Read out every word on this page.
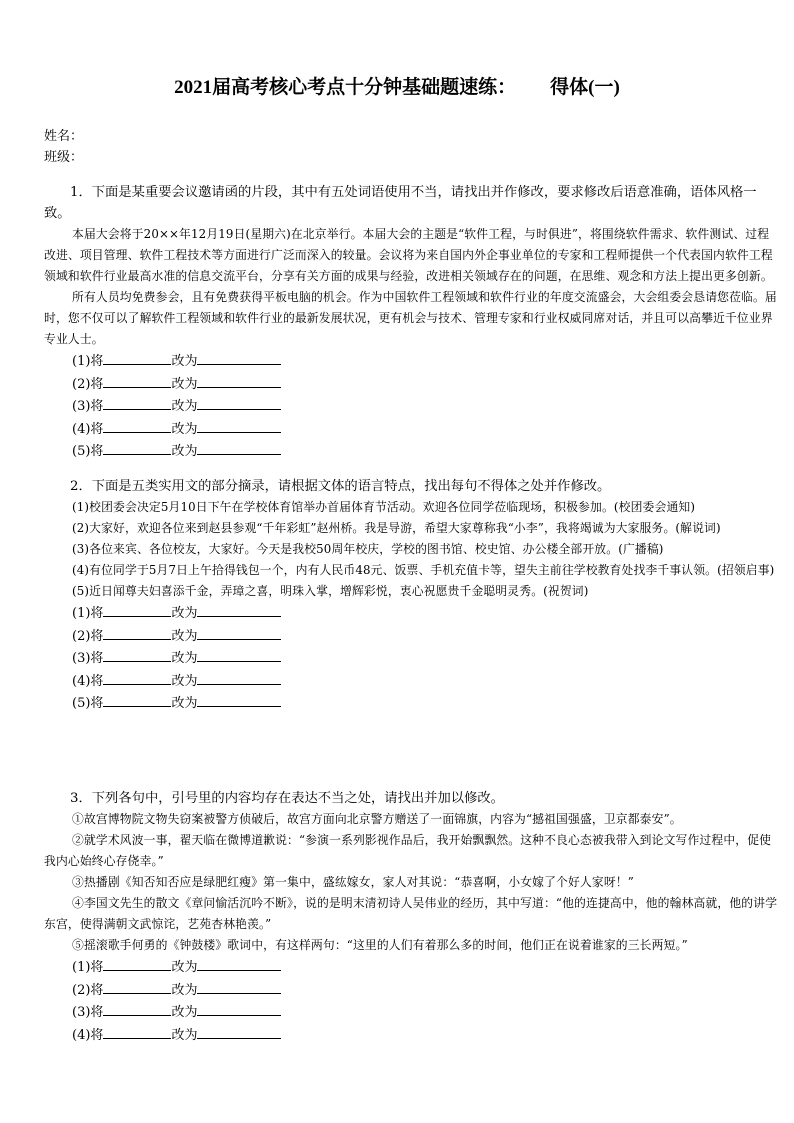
2021届高考核心考点十分钟基础题速练： 得体(一)
姓名：
班级：

1．下面是某重要会议邀请函的片段，其中有五处词语使用不当，请找出并作修改，要求修改后语意准确，语体风格一致。

本届大会将于20××年12月19日(星期六)在北京举行。本届大会的主题是“软件工程，与时俱进”，将围绕软件需求、软件测试、过程改进、项目管理、软件工程技术等方面进行广泛而深入的较量。会议将为来自国内外企事业单位的专家和工程师提供一个代表国内软件工程领域和软件行业最高水准的信息交流平台，分享有关方面的成果与经验，改进相关领域存在的问题，在思维、观念和方法上提出更多创新。

所有人员均免费参会，且有免费获得平板电脑的机会。作为中国软件工程领域和软件行业的年度交流盛会，大会组委会恳请您莅临。届时，您不仅可以了解软件工程领域和软件行业的最新发展状况，更有机会与技术、管理专家和行业权威同席对话，并且可以高攀近千位业界专业人士。

(1)将	改为
(2)将	改为
(3)将	改为
(4)将	改为
(5)将	改为

2．下面是五类实用文的部分摘录，请根据文体的语言特点，找出每句不得体之处并作修改。

(1)校团委会决定5月10日下午在学校体育馆举办首届体育节活动。欢迎各位同学莅临现场，积极参加。(校团委会通知)

(2)大家好，欢迎各位来到赵县参观“千年彩虹”赵州桥。我是导游，希望大家尊称我“小李”，我将竭诚为大家服务。(解说词)

(3)各位来宾、各位校友，大家好。今天是我校50周年校庆，学校的图书馆、校史馆、办公楼全部开放。(广播稿)

(4)有位同学于5月7日上午拾得钱包一个，内有人民币48元、饭票、手机充值卡等，望失主前往学校教育处找李千事认领。(招领启事)

(5)近日闻尊夫妇喜添千金，弄璋之喜，明珠入掌，增辉彩悦，衷心祝愿贵千金聪明灵秀。(祝贺词)

(1)将	改为
(2)将	改为
(3)将	改为
(4)将	改为
(5)将	改为

3．下列各句中，引号里的内容均存在表达不当之处，请找出并加以修改。

①故宫博物院文物失窃案被警方侦破后，故宫方面向北京警方赠送了一面锦旗，内容为“撼祖国强盛，卫京都泰安”。

②就学术风波一事，翟天临在微博道歉说：“参演一系列影视作品后，我开始飘飘然。这种不良心态被我带入到论文写作过程中，促使我内心始终心存侥幸。”

③热播剧《知否知否应是绿肥红瘦》第一集中，盛纮嫁女，家人对其说：“恭喜啊，小女嫁了个好人家呀！”

④李国文先生的散文《章问愉活沉吟不断》，说的是明末清初诗人吴伟业的经历，其中写道：“他的连捷高中，他的翰林高就，他的讲学东宫，使得满朝文武惊诧，艺苑杏林艳羡。”

⑤摇滚歌手何勇的《钟鼓楼》歌词中，有这样两句：“这里的人们有着那么多的时间，他们正在说着谁家的三长两短。”

(1)将	改为
(2)将	改为
(3)将	改为
(4)将	改为
